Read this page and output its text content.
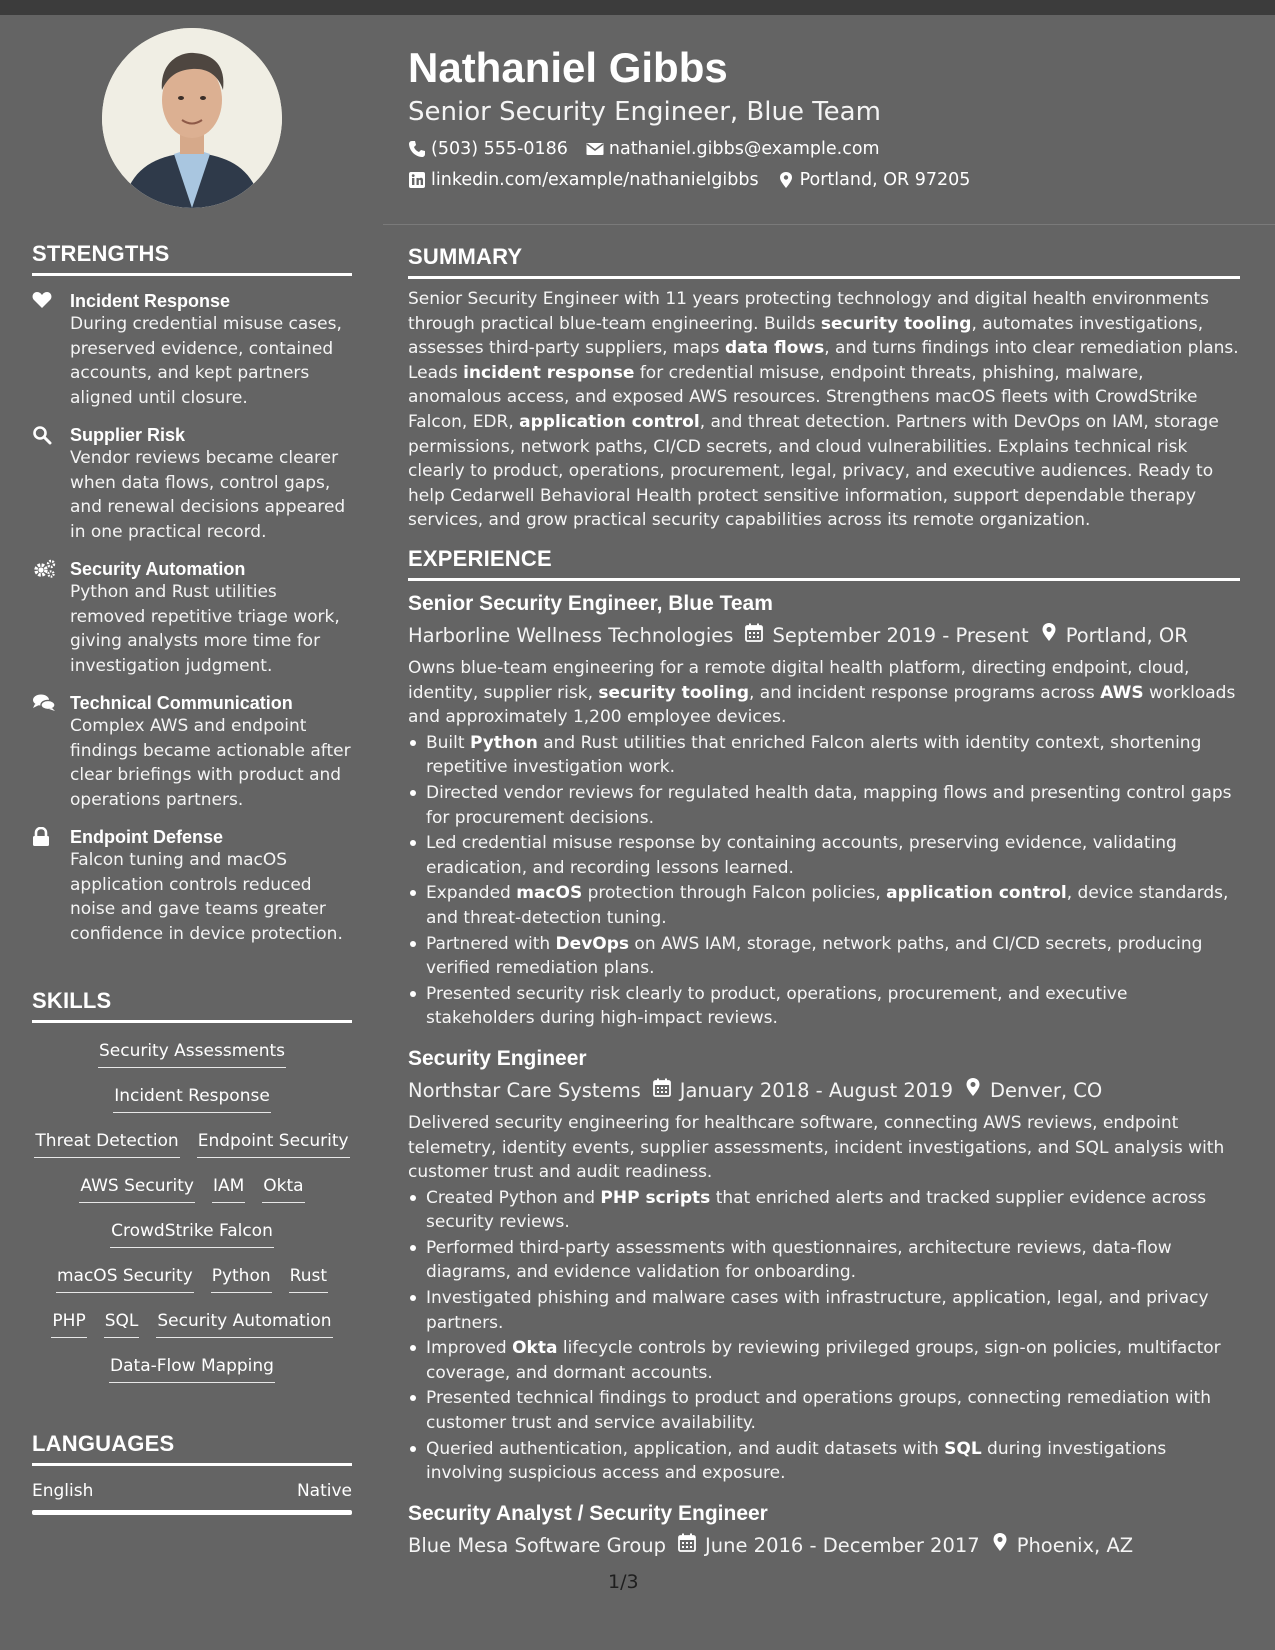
STRENGTHS
Incident Response
During credential misuse cases, preserved evidence, contained accounts, and kept partners aligned until closure.
Supplier Risk
Vendor reviews became clearer when data flows, control gaps, and renewal decisions appeared in one practical record.
Security Automation
Python and Rust utilities removed repetitive triage work, giving analysts more time for investigation judgment.
Technical Communication
Complex AWS and endpoint findings became actionable after clear briefings with product and operations partners.
Endpoint Defense
Falcon tuning and macOS application controls reduced noise and gave teams greater confidence in device protection.
SKILLS
Security Assessments
Incident Response
Threat Detection Endpoint Security
AWS Security IAM Okta
CrowdStrike Falcon
macOS Security Python Rust
PHP SQL Security Automation
Data-Flow Mapping
LANGUAGES
English	Native
Nathaniel Gibbs
Senior Security Engineer, Blue Team
(503) 555-0186 nathaniel.gibbs@example.com
linkedin.com/example/nathanielgibbs Portland, OR 97205
SUMMARY
Senior Security Engineer with 11 years protecting technology and digital health environments through practical blue-team engineering. Builds security tooling, automates investigations, assesses third-party suppliers, maps data flows, and turns findings into clear remediation plans. Leads incident response for credential misuse, endpoint threats, phishing, malware, anomalous access, and exposed AWS resources. Strengthens macOS fleets with CrowdStrike Falcon, EDR, application control, and threat detection. Partners with DevOps on IAM, storage permissions, network paths, CI/CD secrets, and cloud vulnerabilities. Explains technical risk clearly to product, operations, procurement, legal, privacy, and executive audiences. Ready to help Cedarwell Behavioral Health protect sensitive information, support dependable therapy services, and grow practical security capabilities across its remote organization.
EXPERIENCE
Senior Security Engineer, Blue Team
Harborline Wellness Technologies September 2019 - Present Portland, OR
Owns blue-team engineering for a remote digital health platform, directing endpoint, cloud, identity, supplier risk, security tooling, and incident response programs across AWS workloads and approximately 1,200 employee devices.
Built Python and Rust utilities that enriched Falcon alerts with identity context, shortening repetitive investigation work.
Directed vendor reviews for regulated health data, mapping flows and presenting control gaps for procurement decisions.
Led credential misuse response by containing accounts, preserving evidence, validating eradication, and recording lessons learned.
Expanded macOS protection through Falcon policies, application control, device standards, and threat-detection tuning.
Partnered with DevOps on AWS IAM, storage, network paths, and CI/CD secrets, producing verified remediation plans.
Presented security risk clearly to product, operations, procurement, and executive stakeholders during high-impact reviews.
Security Engineer
Northstar Care Systems January 2018 - August 2019 Denver, CO
Delivered security engineering for healthcare software, connecting AWS reviews, endpoint telemetry, identity events, supplier assessments, incident investigations, and SQL analysis with customer trust and audit readiness.
Created Python and PHP scripts that enriched alerts and tracked supplier evidence across security reviews.
Performed third-party assessments with questionnaires, architecture reviews, data-flow diagrams, and evidence validation for onboarding.
Investigated phishing and malware cases with infrastructure, application, legal, and privacy partners.
Improved Okta lifecycle controls by reviewing privileged groups, sign-on policies, multifactor coverage, and dormant accounts.
Presented technical findings to product and operations groups, connecting remediation with customer trust and service availability.
Queried authentication, application, and audit datasets with SQL during investigations involving suspicious access and exposure.
Security Analyst / Security Engineer
Blue Mesa Software Group June 2016 - December 2017 Phoenix, AZ
1/3
